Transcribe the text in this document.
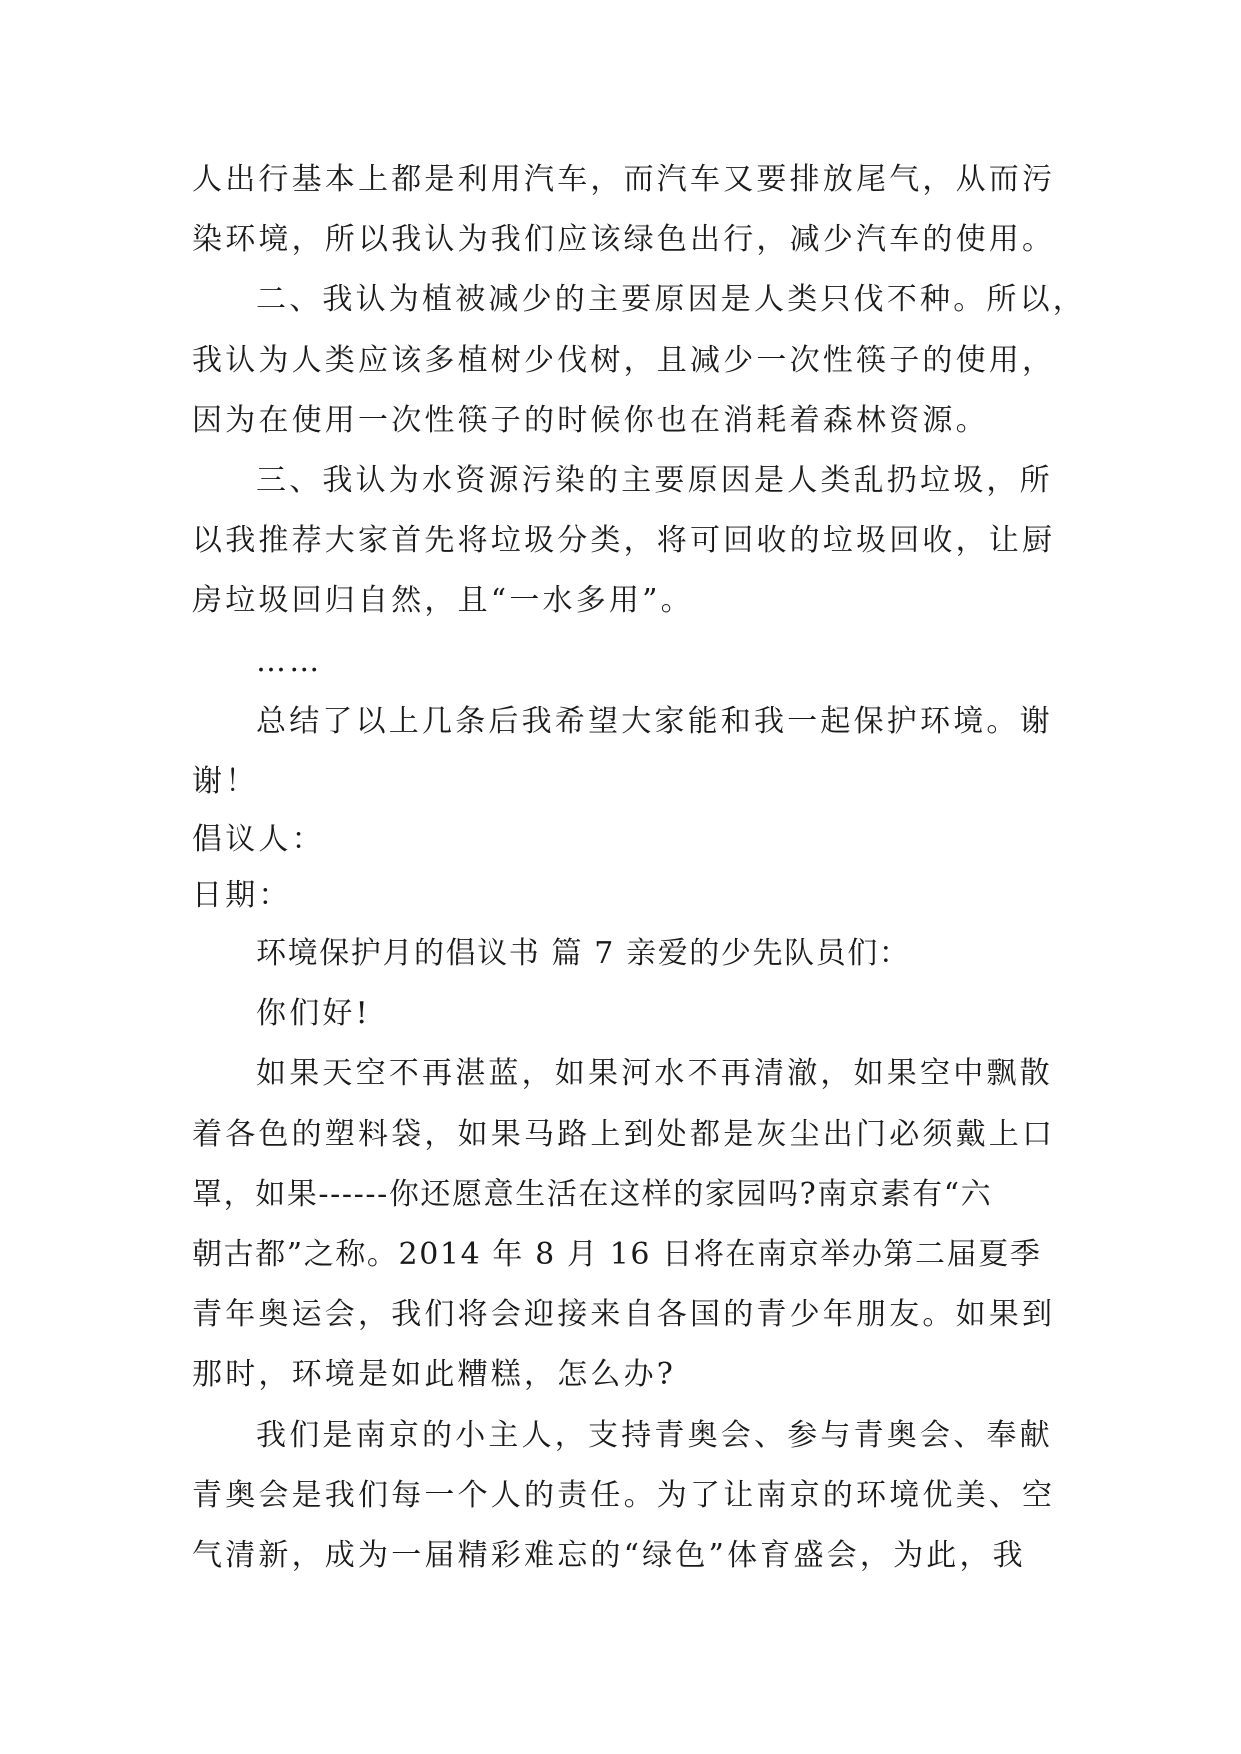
人出行基本上都是利用汽车，而汽车又要排放尾气，从而污
染环境，所以我认为我们应该绿色出行，减少汽车的使用。
二、我认为植被减少的主要原因是人类只伐不种。所以，
我认为人类应该多植树少伐树，且减少一次性筷子的使用，
因为在使用一次性筷子的时候你也在消耗着森林资源。
三、我认为水资源污染的主要原因是人类乱扔垃圾，所
以我推荐大家首先将垃圾分类，将可回收的垃圾回收，让厨
房垃圾回归自然，且“一水多用”。
……
总结了以上几条后我希望大家能和我一起保护环境。谢
谢！
倡议人：
日期：
环境保护月的倡议书 篇 7 亲爱的少先队员们：
你们好!
如果天空不再湛蓝，如果河水不再清澈，如果空中飘散
着各色的塑料袋，如果马路上到处都是灰尘出门必须戴上口
罩，如果------你还愿意生活在这样的家园吗?南京素有“六
朝古都”之称。2014 年 8 月 16 日将在南京举办第二届夏季
青年奥运会，我们将会迎接来自各国的青少年朋友。如果到
那时，环境是如此糟糕，怎么办?
我们是南京的小主人，支持青奥会、参与青奥会、奉献
青奥会是我们每一个人的责任。为了让南京的环境优美、空
气清新，成为一届精彩难忘的“绿色”体育盛会，为此，我
